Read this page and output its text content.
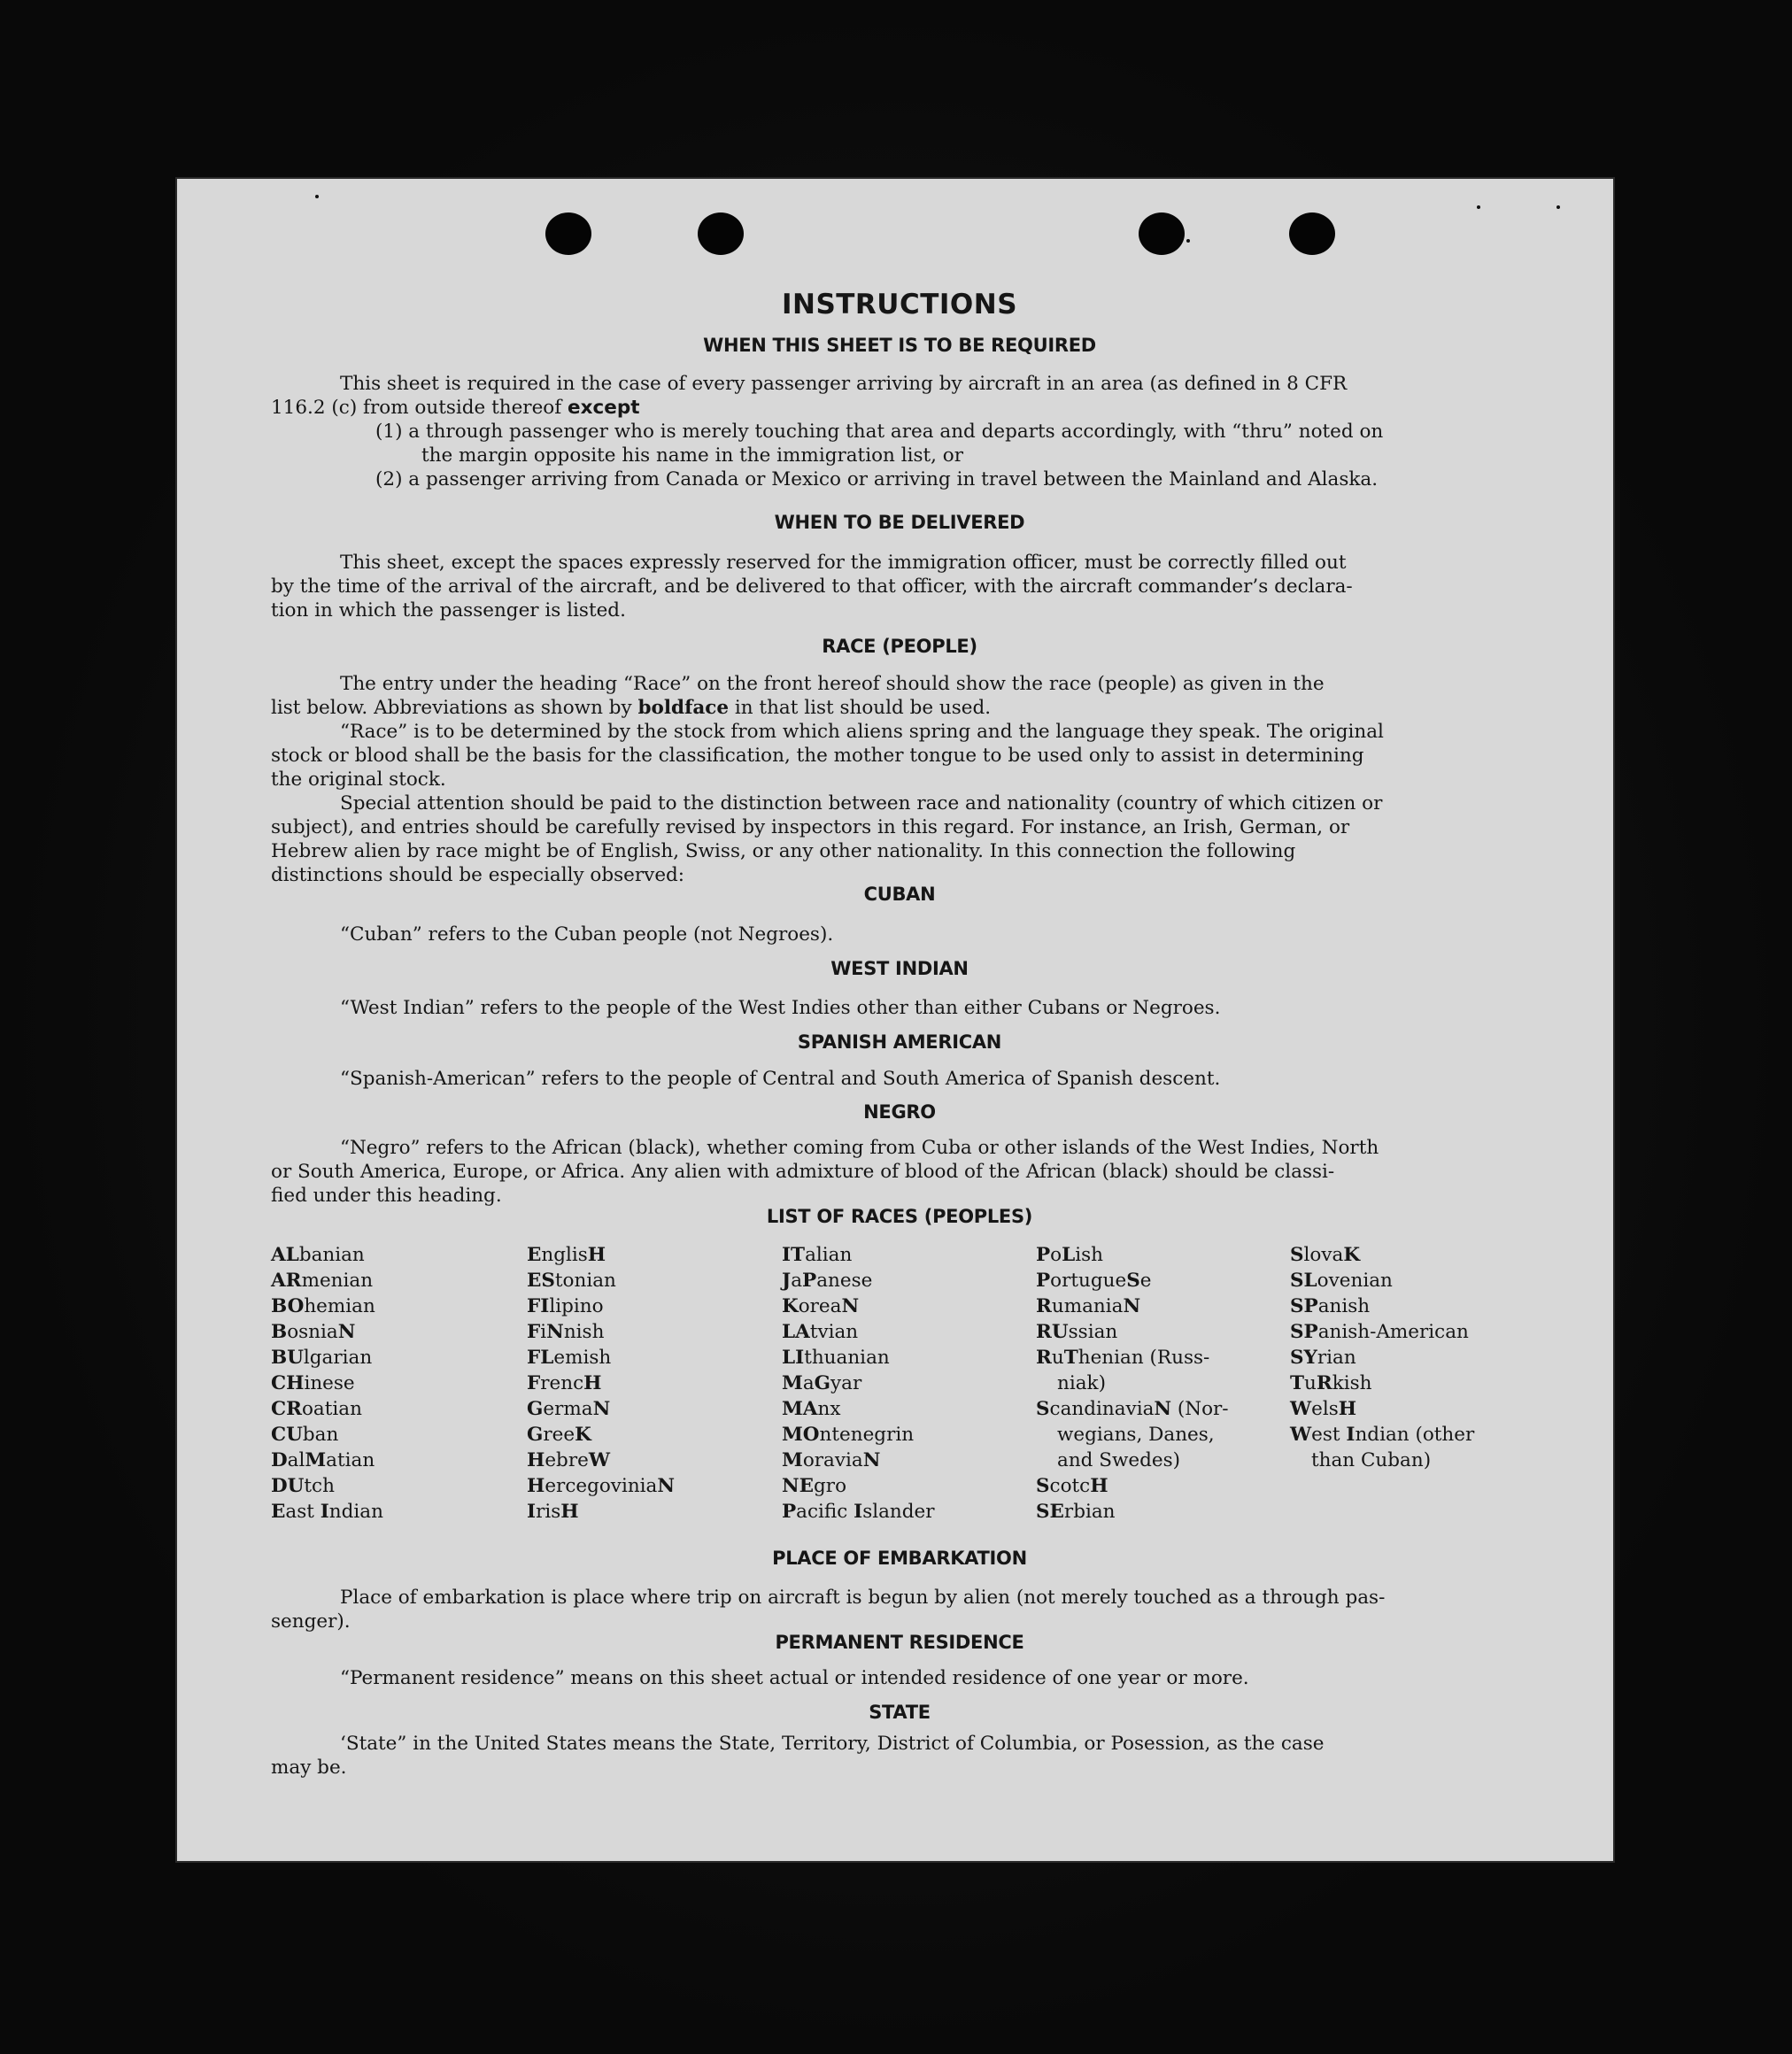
INSTRUCTIONS
WHEN THIS SHEET IS TO BE REQUIRED
This sheet is required in the case of every passenger arriving by aircraft in an area (as defined in 8 CFR
116.2 (c) from outside thereof except
(1) a through passenger who is merely touching that area and departs accordingly, with “thru” noted on
the margin opposite his name in the immigration list, or
(2) a passenger arriving from Canada or Mexico or arriving in travel between the Mainland and Alaska.
WHEN TO BE DELIVERED
This sheet, except the spaces expressly reserved for the immigration officer, must be correctly filled out
by the time of the arrival of the aircraft, and be delivered to that officer, with the aircraft commander’s declara-
tion in which the passenger is listed.
RACE (PEOPLE)
The entry under the heading “Race” on the front hereof should show the race (people) as given in the
list below. Abbreviations as shown by boldface in that list should be used.
“Race” is to be determined by the stock from which aliens spring and the language they speak. The original
stock or blood shall be the basis for the classification, the mother tongue to be used only to assist in determining
the original stock.
Special attention should be paid to the distinction between race and nationality (country of which citizen or
subject), and entries should be carefully revised by inspectors in this regard. For instance, an Irish, German, or
Hebrew alien by race might be of English, Swiss, or any other nationality. In this connection the following
distinctions should be especially observed:
CUBAN
“Cuban” refers to the Cuban people (not Negroes).
WEST INDIAN
“West Indian” refers to the people of the West Indies other than either Cubans or Negroes.
SPANISH AMERICAN
“Spanish-American” refers to the people of Central and South America of Spanish descent.
NEGRO
“Negro” refers to the African (black), whether coming from Cuba or other islands of the West Indies, North
or South America, Europe, or Africa. Any alien with admixture of blood of the African (black) should be classi-
fied under this heading.
LIST OF RACES (PEOPLES)
ALbanian
ARmenian
BOhemian
BosniaN
BUlgarian
CHinese
CRoatian
CUban
DalMatian
DUtch
East Indian
EnglisH
EStonian
FIlipino
FiNnish
FLemish
FrencH
GermaN
GreeK
HebreW
HercegoviniaN
IrisH
ITalian
JaPanese
KoreaN
LAtvian
LIthuanian
MaGyar
MAnx
MOntenegrin
MoraviaN
NEgro
Pacific Islander
PoLish
PortugueSe
RumaniaN
RUssian
RuThenian (Russ-
niak)
ScandinaviaN (Nor-
wegians, Danes,
and Swedes)
ScotcH
SErbian
SlovaK
SLovenian
SPanish
SPanish-American
SYrian
TuRkish
WelsH
West Indian (other
than Cuban)
PLACE OF EMBARKATION
Place of embarkation is place where trip on aircraft is begun by alien (not merely touched as a through pas-
senger).
PERMANENT RESIDENCE
“Permanent residence” means on this sheet actual or intended residence of one year or more.
STATE
‘State” in the United States means the State, Territory, District of Columbia, or Posession, as the case
may be.
